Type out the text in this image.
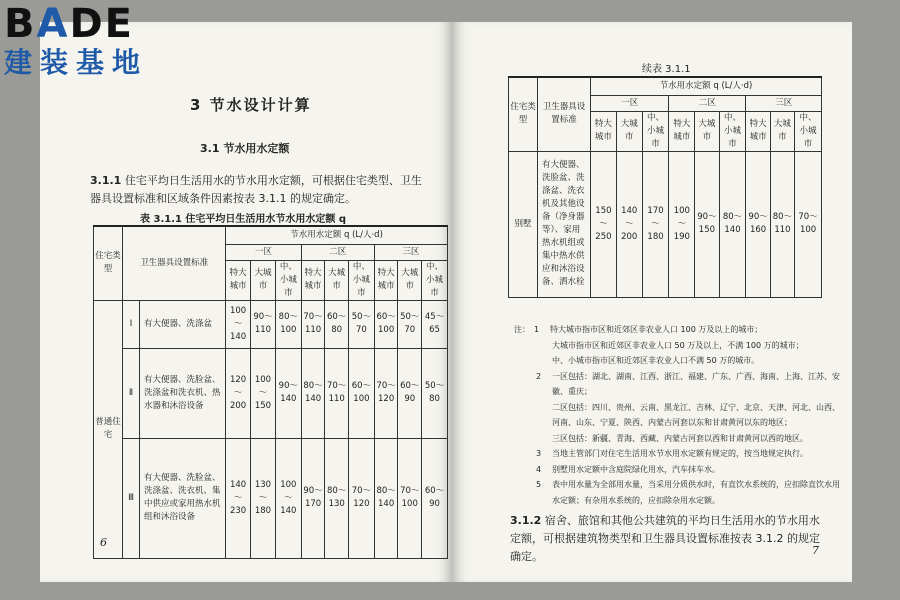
BADE
建装基地
3 节水设计计算
3.1 节水用水定额
3.1.1 住宅平均日生活用水的节水用水定额，可根据住宅类型、卫生器具设置标准和区域条件因素按表 3.1.1 的规定确定。
表 3.1.1 住宅平均日生活用水节水用水定额 q
住宅类型	卫生器具设置标准		节水用水定额 q (L/人·d)								
			一区			二区			三区		
			特大城市	大城市	中、小城市	特大城市	大城市	中、小城市	特大城市	大城市	中、小城市
普通住宅	Ⅰ	有大便器、洗涤盆	100～140	90～110	80～100	70～110	60～80	50～70	60～100	50～70	45～65
	Ⅱ	有大便器、洗脸盆、洗涤盆和洗衣机、热水器和沐浴设备	120～200	100～150	90～140	80～140	70～110	60～100	70～120	60～90	50～80
	Ⅲ	有大便器、洗脸盆、洗涤盆、洗衣机、集中供应或家用热水机组和沐浴设备	140～230	130～180	100～140	90～170	80～130	70～120	80～140	70～100	60～90
6
续表 3.1.1
住宅类型	卫生器具设置标准	节水用水定额 q (L/人·d)								
		一区			二区			三区		
		特大城市	大城市	中、小城市	特大城市	大城市	中、小城市	特大城市	大城市	中、小城市
别墅	有大便器、洗脸盆、洗涤盆、洗衣机及其他设备（净身器等）、家用热水机组或集中热水供应和沐浴设备、洒水栓	150～250	140～200	170～180	100～190	90～150	80～140	90～160	80～110	70～100
注： 1	特大城市指市区和近郊区非农业人口 100 万及以上的城市；
大城市指市区和近郊区非农业人口 50 万及以上，不满 100 万的城市；
中、小城市指市区和近郊区非农业人口不满 50 万的城市。
2	一区包括：湖北、湖南、江西、浙江、福建、广东、广西、海南、上海、江苏、安徽、重庆；
二区包括：四川、贵州、云南、黑龙江、吉林、辽宁、北京、天津、河北、山西、河南、山东、宁夏、陕西、内蒙古河套以东和甘肃黄河以东的地区；
三区包括：新疆、青海、西藏、内蒙古河套以西和甘肃黄河以西的地区。
3	当地主管部门对住宅生活用水节水用水定额有规定的，按当地规定执行。
4	别墅用水定额中含庭院绿化用水，汽车抹车水。
5	表中用水量为全部用水量，当采用分质供水时，有直饮水系统的，应扣除直饮水用水定额；有杂用水系统的，应扣除杂用水定额。
3.1.2 宿舍、旅馆和其他公共建筑的平均日生活用水的节水用水定额，可根据建筑物类型和卫生器具设置标准按表 3.1.2 的规定确定。	7
